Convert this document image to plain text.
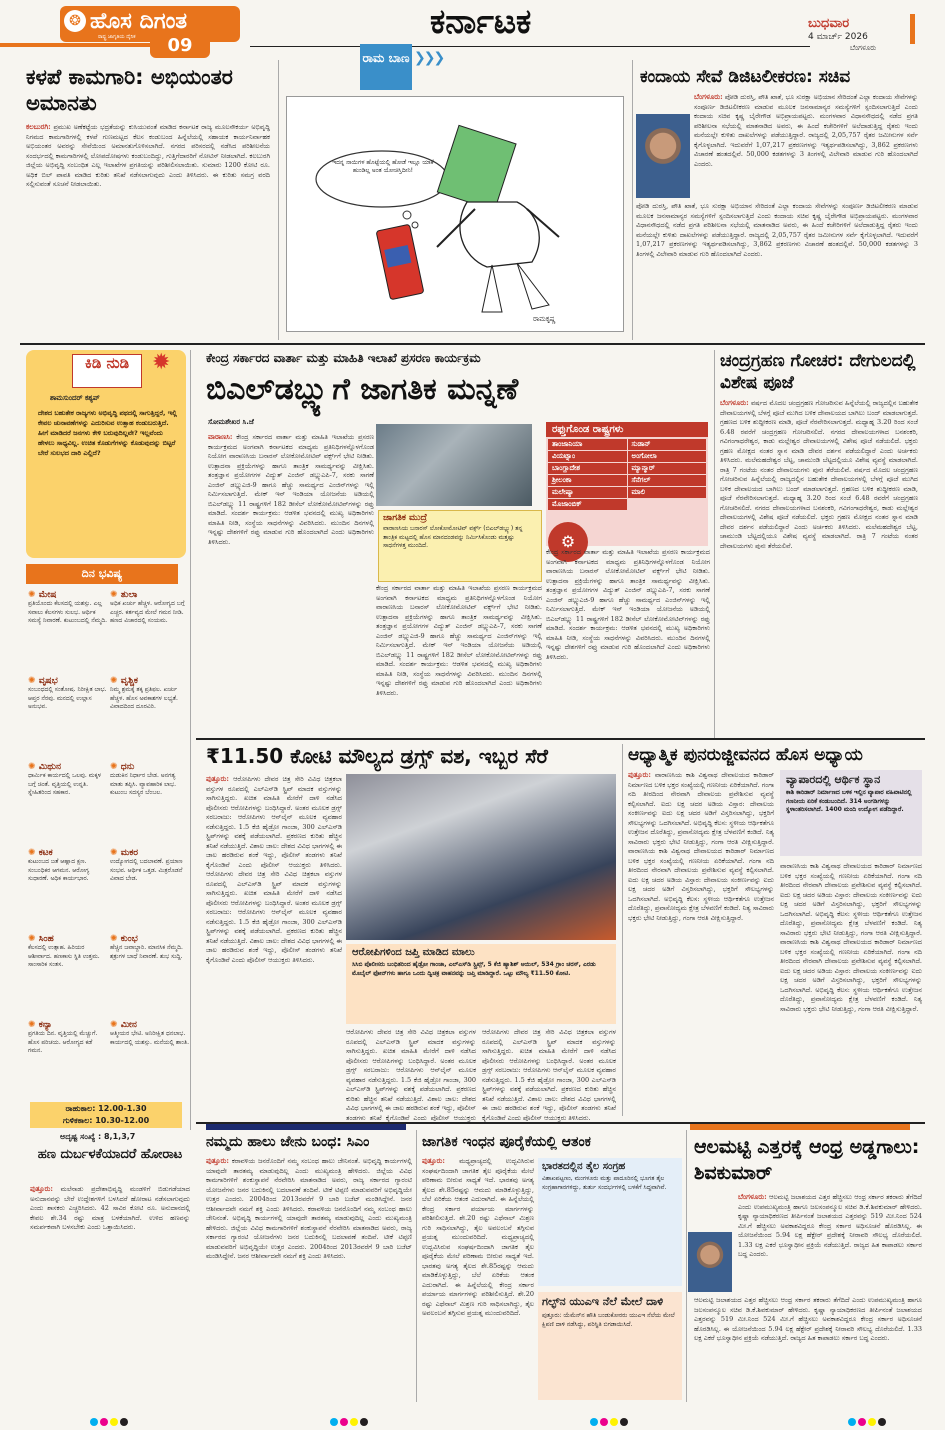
❂ ಹೊಸ ದಿಗಂತ
ರಾಷ್ಟ್ರ ಜಾಗೃತಿಯ ದೈನಿಕ	09
ಕರ್ನಾಟಕ	ಬುಧವಾರ
4 ಮಾರ್ಚ್ 2026
ಬೆಂಗಳೂರು
ಕಳಪೆ ಕಾಮಗಾರಿ: ಅಭಿಯಂತರ ಅಮಾನತು
ಕಲಬುರಗಿ: ಪ್ರಮುಖ ಅಣೆಕಟ್ಟೆಯ ಭದ್ರತೆಯನ್ನು ಕುಸಿಯುವಂತೆ ಮಾಡಿದ ಕರ್ನಾಟಕ ರಾಜ್ಯ ಮೂಲಸೌಕರ್ಯ ಅಭಿವೃದ್ಧಿ ನಿಗಮದ ಕಾಮಗಾರಿಗಳಲ್ಲಿ ಕಳಪೆ ಗುಣಮಟ್ಟದ ಕೆಲಸ ಕಂಡುಬಂದ ಹಿನ್ನೆಲೆಯಲ್ಲಿ ಸಹಾಯಕ ಕಾರ್ಯನಿರ್ವಾಹಕ ಅಭಿಯಂತರ ಅವರನ್ನು ಸೇವೆಯಿಂದ ಅಮಾನತುಗೊಳಿಸಲಾಗಿದೆ. ನಗರದ ಪರಿಸರದಲ್ಲಿ ನಡೆಸಿದ ಪರಿಶೀಲನೆಯ ಸಂದರ್ಭದಲ್ಲಿ ಕಾಮಗಾರಿಗಳಲ್ಲಿ ಲೋಪದೋಷಗಳು ಕಂಡುಬಂದಿದ್ದು, ಗುತ್ತಿಗೆದಾರರಿಗೆ ನೋಟಿಸ್ ನೀಡಲಾಗಿದೆ. ಕಲಬುರಗಿ ಜಿಲ್ಲೆಯ ಅಭಿವೃದ್ಧಿ ಸಂಬಂಧಿತ ಎಲ್ಲ ಇಲಾಖೆಗಳ ಪ್ರಗತಿಯನ್ನು ಪರಿಶೀಲಿಸಲಾಯಿತು. ಸುಮಾರು 1200 ಕೋಟಿ ರೂ. ಅಧಿಕ ಬಿಲ್ ಪಾವತಿ ಮಾಡಿದ ಕುರಿತು ತನಿಖೆ ನಡೆಸಲಾಗುವುದು ಎಂದು ತಿಳಿಸಿದರು. ಈ ಕುರಿತು ಸಮಗ್ರ ವರದಿ ಸಲ್ಲಿಸುವಂತೆ ಸೂಚನೆ ನೀಡಲಾಯಿತು.
ರಾಮ ಬಾಣ ❯❯❯
ಇದನ್ನ ನಾಯಿಗಳ ಹೊಟ್ಟೆಯಲ್ಲಿ ಹೋಡೆ ಇಲ್ಲೂ ಯಾಕೆ ಹುಂಡಿಲ್ಲ ಅಂತ ಯೋಚಿಸ್ತಿದೀನಿ!
ರಾಮಕೃಷ್ಣ
ಕಂದಾಯ ಸೇವೆ ಡಿಜಿಟಲೀಕರಣ: ಸಚಿವ
ಬೆಂಗಳೂರು: ಪೋಡಿ ದುರಸ್ತಿ, ಪೌತಿ ಖಾತೆ, ಭೂ ಸುರಕ್ಷಾ ಅಭಿಯಾನ ಸೇರಿದಂತೆ ಎಲ್ಲಾ ಕಂದಾಯ ಸೇವೆಗಳನ್ನು ಸಂಪೂರ್ಣ ಡಿಜಿಟಲೀಕರಣ ಮಾಡುವ ಮೂಲಕ ಜನಸಾಮಾನ್ಯರ ಸಮಸ್ಯೆಗಳಿಗೆ ಸ್ಪಂದಿಸಲಾಗುತ್ತಿದೆ ಎಂದು ಕಂದಾಯ ಸಚಿವ ಕೃಷ್ಣ ಬೈರೇಗೌಡ ಅಭಿಪ್ರಾಯಪಟ್ಟರು. ಮಂಗಳವಾರ ವಿಧಾನಸೌಧದಲ್ಲಿ ನಡೆದ ಪ್ರಗತಿ ಪರಿಶೀಲನಾ ಸಭೆಯಲ್ಲಿ ಮಾತನಾಡಿದ ಅವರು, ಈ ಹಿಂದೆ ಕಚೇರಿಗಳಿಗೆ ಅಲೆದಾಡುತ್ತಿದ್ದ ರೈತರು ಇಂದು ಮನೆಯಲ್ಲೇ ಕುಳಿತು ದಾಖಲೆಗಳನ್ನು ಪಡೆಯುತ್ತಿದ್ದಾರೆ. ರಾಜ್ಯದಲ್ಲಿ 2,05,757 ರೈತರ ಜಮೀನುಗಳ ಸರ್ವೆ ಕೈಗೊಳ್ಳಲಾಗಿದೆ. ಇದುವರೆಗೆ 1,07,217 ಪ್ರಕರಣಗಳನ್ನು ಇತ್ಯರ್ಥಪಡಿಸಲಾಗಿದ್ದು, 3,862 ಪ್ರಕರಣಗಳು ವಿಚಾರಣೆ ಹಂತದಲ್ಲಿವೆ. 50,000 ಕಡತಗಳನ್ನು 3 ತಿಂಗಳಲ್ಲಿ ವಿಲೇವಾರಿ ಮಾಡುವ ಗುರಿ ಹೊಂದಲಾಗಿದೆ ಎಂದರು.
ಪೋಡಿ ದುರಸ್ತಿ, ಪೌತಿ ಖಾತೆ, ಭೂ ಸುರಕ್ಷಾ ಅಭಿಯಾನ ಸೇರಿದಂತೆ ಎಲ್ಲಾ ಕಂದಾಯ ಸೇವೆಗಳನ್ನು ಸಂಪೂರ್ಣ ಡಿಜಿಟಲೀಕರಣ ಮಾಡುವ ಮೂಲಕ ಜನಸಾಮಾನ್ಯರ ಸಮಸ್ಯೆಗಳಿಗೆ ಸ್ಪಂದಿಸಲಾಗುತ್ತಿದೆ ಎಂದು ಕಂದಾಯ ಸಚಿವ ಕೃಷ್ಣ ಬೈರೇಗೌಡ ಅಭಿಪ್ರಾಯಪಟ್ಟರು. ಮಂಗಳವಾರ ವಿಧಾನಸೌಧದಲ್ಲಿ ನಡೆದ ಪ್ರಗತಿ ಪರಿಶೀಲನಾ ಸಭೆಯಲ್ಲಿ ಮಾತನಾಡಿದ ಅವರು, ಈ ಹಿಂದೆ ಕಚೇರಿಗಳಿಗೆ ಅಲೆದಾಡುತ್ತಿದ್ದ ರೈತರು ಇಂದು ಮನೆಯಲ್ಲೇ ಕುಳಿತು ದಾಖಲೆಗಳನ್ನು ಪಡೆಯುತ್ತಿದ್ದಾರೆ. ರಾಜ್ಯದಲ್ಲಿ 2,05,757 ರೈತರ ಜಮೀನುಗಳ ಸರ್ವೆ ಕೈಗೊಳ್ಳಲಾಗಿದೆ. ಇದುವರೆಗೆ 1,07,217 ಪ್ರಕರಣಗಳನ್ನು ಇತ್ಯರ್ಥಪಡಿಸಲಾಗಿದ್ದು, 3,862 ಪ್ರಕರಣಗಳು ವಿಚಾರಣೆ ಹಂತದಲ್ಲಿವೆ. 50,000 ಕಡತಗಳನ್ನು 3 ತಿಂಗಳಲ್ಲಿ ವಿಲೇವಾರಿ ಮಾಡುವ ಗುರಿ ಹೊಂದಲಾಗಿದೆ ಎಂದರು.
ಕಿಡಿ ನುಡಿ	✹
ಶಾಮಸುಂದರ್ ಕಶ್ಯಪ್
ದೇಶದ ಬಹುತೇಕ ರಾಜ್ಯಗಳು ಅಭಿವೃದ್ಧಿ ಪಥದಲ್ಲಿ ಸಾಗುತ್ತಿದ್ದರೆ, ಇಲ್ಲಿ ಕೇವಲ ಚುನಾವಣೆಗಳನ್ನು ಎದುರಿಸುವ ಉತ್ಸಾಹ ಕಂಡುಬರುತ್ತಿದೆ. ಹೀಗೆ ಮಾಡಿದರೆ ಜನಗಳು ಕೇಳಿ ಬರುವುದಿಲ್ಲವೇ? ಇಲ್ಲವೆಂದು ಹೇಳಲು ಸಾಧ್ಯವಿಲ್ಲ. ಉಚಿತ ಕೊಡುಗೆಗಳನ್ನು ಕೊಡುವುದನ್ನು ಬಿಟ್ಟರೆ ಬೇರೆ ಸುಲಭದ ದಾರಿ ಎಲ್ಲಿದೆ?
ದಿನ ಭವಿಷ್ಯ
✺ ಮೇಷ
ಪ್ರತಿಯೊಂದು ಕೆಲಸದಲ್ಲಿ ಯಶಸ್ಸು. ಎಲ್ಲ ಸವಾಲು ಕೆಲಸಗಳು ಸುಲಭ. ಆರ್ಥಿಕ ಸಮಸ್ಯೆ ನಿವಾರಣೆ. ಕುಟುಂಬದಲ್ಲಿ ನೆಮ್ಮದಿ.
✺ ತುಲಾ
ಅಧಿಕ ಖರ್ಚು ಹೆಚ್ಚಳ. ಆರೋಗ್ಯದ ಬಗ್ಗೆ ಎಚ್ಚರ. ಕರ್ತವ್ಯದ ಮೇಲೆ ಗಮನ ನೀಡಿ. ಹಣದ ವಿಚಾರದಲ್ಲಿ ಸಂಯಮ.
✺ ವೃಷಭ
ಸಂಬಂಧದಲ್ಲಿ ಸಂತೋಷ. ನಿರೀಕ್ಷಿತ ಲಾಭ. ಆಪ್ತರ ನೆರವು. ಮನದಲ್ಲಿ ಉಲ್ಲಾಸ ಅನುಭವ.
✺ ವೃಶ್ಚಿಕ
ನಿಮ್ಮ ಶ್ರಮಕ್ಕೆ ತಕ್ಕ ಪ್ರತಿಫಲ. ಖರ್ಚು ಹೆಚ್ಚಳ. ಹೊಸ ಅವಕಾಶಗಳ ಲಭ್ಯತೆ. ವಿವಾದದಿಂದ ದೂರವಿರಿ.
✺ ಮಿಥುನ
ಧಾರ್ಮಿಕ ಕಾರ್ಯದಲ್ಲಿ ಒಲವು. ಮಕ್ಕಳ ಬಗ್ಗೆ ಚಿಂತೆ. ವೃತ್ತಿಯಲ್ಲಿ ಉನ್ನತಿ. ಸ್ನೇಹಿತರಿಂದ ಸಹಕಾರ.
✺ ಧನು
ದುಡುಕಿನ ನಿರ್ಧಾರ ಬೇಡ. ಅನಗತ್ಯ ಮಾತು ತಪ್ಪಿಸಿ. ವ್ಯಾವಹಾರಿಕ ಲಾಭ. ಕುಟುಂಬ ಸದಸ್ಯರ ಬೆಂಬಲ.
✺ ಕಟಕ
ಕುಟುಂಬದ ಜತೆ ಆಹ್ಲಾದ ಕ್ಷಣ. ಸಂಬಂಧಿಕರ ಆಗಮನ. ಆರೋಗ್ಯ ಸುಧಾರಣೆ. ಅಧಿಕ ಕಾರ್ಯಭಾರ.
✺ ಮಕರ
ಉದ್ಯೋಗದಲ್ಲಿ ಬದಲಾವಣೆ. ಪ್ರಯಾಣ ಸಂಭವ. ಆರ್ಥಿಕ ಒತ್ತಡ. ಮಿತ್ರರೊಡನೆ ವಿವಾದ ಬೇಡ.
✺ ಸಿಂಹ
ಕೆಲಸದಲ್ಲಿ ಉತ್ಸಾಹ. ಹಿರಿಯರ ಆಶೀರ್ವಾದ. ಹಣಕಾಸು ಸ್ಥಿತಿ ಉತ್ತಮ. ಸಾಂಸಾರಿಕ ಸಂತಸ.
✺ ಕುಂಭ
ಹೆಚ್ಚಿನ ಜವಾಬ್ದಾರಿ. ಮಾನಸಿಕ ನೆಮ್ಮದಿ. ಶತ್ರುಗಳ ಬಾಧೆ ನಿವಾರಣೆ. ಶುಭ ಸುದ್ದಿ.
✺ ಕನ್ಯಾ
ಪ್ರಗತಿಯ ದಿನ. ವೃತ್ತಿಯಲ್ಲಿ ಮೆಚ್ಚುಗೆ. ಹೊಸ ಪರಿಚಯ. ಆರೋಗ್ಯದ ಕಡೆ ಗಮನ.
✺ ಮೀನ
ಆತ್ಮೀಯರ ಭೇಟಿ. ಅನಿರೀಕ್ಷಿತ ಧನಲಾಭ. ಕಾರ್ಯದಲ್ಲಿ ಯಶಸ್ಸು. ಮನೆಯಲ್ಲಿ ಶಾಂತಿ.
ರಾಹುಕಾಲ: 12.00-1.30
ಗುಳಿಕಕಾಲ: 10.30-12.00
ಅದೃಷ್ಟ ಸಂಖ್ಯೆ : 8,1,3,7
ಹಣ ದುರ್ಬಳಕೆಯಾದರೆ ಹೋರಾಟ
ಪುತ್ತೂರು: ಮಲೆನಾಡು ಪ್ರದೇಶಾಭಿವೃದ್ಧಿ ಮಂಡಳಿಗೆ ಬಿಡುಗಡೆಯಾದ ಅನುದಾನವನ್ನು ಬೇರೆ ಉದ್ದೇಶಗಳಿಗೆ ಬಳಸಿದರೆ ಹೋರಾಟ ನಡೆಸಲಾಗುವುದು ಎಂದು ಶಾಸಕರು ಎಚ್ಚರಿಸಿದರು. 42 ಸಾವಿರ ಕೋಟಿ ರೂ. ಅನುದಾನದಲ್ಲಿ ಕೇವಲ ಶೇ.34 ರಷ್ಟು ಮಾತ್ರ ಬಳಕೆಯಾಗಿದೆ. ಉಳಿದ ಹಣವನ್ನು ಸಮರ್ಪಕವಾಗಿ ಬಳಸಬೇಕು ಎಂದು ಒತ್ತಾಯಿಸಿದರು.
ಕೇಂದ್ರ ಸರ್ಕಾರದ ವಾರ್ತಾ ಮತ್ತು ಮಾಹಿತಿ ಇಲಾಖೆ ಪ್ರಸರಣ ಕಾರ್ಯಕ್ರಮ
ಬಿಎಲ್‌ಡಬ್ಲ್ಯುಗೆ ಜಾಗತಿಕ ಮನ್ನಣೆ
ಸೋಮಶೇಖರ ಸಿ.ಜೆ
ವಾರಾಣಸಿ: ಕೇಂದ್ರ ಸರ್ಕಾರದ ವಾರ್ತಾ ಮತ್ತು ಮಾಹಿತಿ ಇಲಾಖೆಯ ಪ್ರಸರಣ ಕಾರ್ಯಕ್ರಮದ ಅಂಗವಾಗಿ ಕರ್ನಾಟಕದ ಮಾಧ್ಯಮ ಪ್ರತಿನಿಧಿಗಳನ್ನೊಳಗೊಂಡ ನಿಯೋಗ ವಾರಾಣಸಿಯ ಬನಾರಸ್ ಲೋಕೋಮೋಟಿವ್ ವರ್ಕ್ಸ್‌ಗೆ ಭೇಟಿ ನೀಡಿತು. ಉತ್ಪಾದನಾ ಪ್ರಕ್ರಿಯೆಗಳನ್ನು ಹಾಗೂ ತಾಂತ್ರಿಕ ಸಾಮರ್ಥ್ಯವನ್ನು ವೀಕ್ಷಿಸಿತು. ತಂತ್ರಜ್ಞಾನ ಪ್ರಯೋಗಗಳ ವಿದ್ಯುತ್ ಎಂಜಿನ್ ಡಬ್ಲ್ಯುಎಪಿ-7, ಸರಕು ಸಾಗಣೆ ಎಂಜಿನ್ ಡಬ್ಲ್ಯುಎಜಿ-9 ಹಾಗೂ ಹೆಚ್ಚು ಸಾಮರ್ಥ್ಯದ ಎಂಜಿನ್‌ಗಳನ್ನು ಇಲ್ಲಿ ನಿರ್ಮಿಸಲಾಗುತ್ತಿದೆ. ಮೇಕ್ ಇನ್ ಇಂಡಿಯಾ ಯೋಜನೆಯ ಅಡಿಯಲ್ಲಿ ಬಿಎಲ್‌ಡಬ್ಲ್ಯು 11 ರಾಷ್ಟ್ರಗಳಿಗೆ 182 ಡೀಸೆಲ್ ಲೋಕೋಮೋಟಿವ್‌ಗಳನ್ನು ರಫ್ತು ಮಾಡಿದೆ. ಸಂದರ್ಶ ಕಾರ್ಯಕ್ರಮ: ಆಡಳಿತ ಭವನದಲ್ಲಿ ಮುಖ್ಯ ಅಧಿಕಾರಿಗಳು ಮಾಹಿತಿ ನೀಡಿ, ಸಂಸ್ಥೆಯ ಸಾಧನೆಗಳನ್ನು ವಿವರಿಸಿದರು. ಮುಂದಿನ ದಿನಗಳಲ್ಲಿ ಇನ್ನಷ್ಟು ದೇಶಗಳಿಗೆ ರಫ್ತು ಮಾಡುವ ಗುರಿ ಹೊಂದಲಾಗಿದೆ ಎಂದು ಅಧಿಕಾರಿಗಳು ತಿಳಿಸಿದರು.
ಜಾಗತಿಕ ಮುದ್ರೆ
ವಾರಾಣಸಿಯ ಬನಾರಸ್ ಲೋಕೋಮೋಟಿವ್ ವರ್ಕ್ಸ್ (ಬಿಎಲ್‌ಡಬ್ಲ್ಯು) ತನ್ನ ತಾಂತ್ರಿಕ ಮಟ್ಟದಲ್ಲಿ ಹೊಸ ಮಾನದಂಡವನ್ನು ನಿರ್ಮಿಸಿಕೊಂಡು ಮತ್ತಷ್ಟು ಸಾಧನೆಗಳತ್ತ ಮುಂದಿದೆ.
ರಫ್ತುಗೊಂಡ ರಾಷ್ಟ್ರಗಳು
ತಾಂಜಾನಿಯಾ	ಸುಡಾನ್
ವಿಯಟ್ನಾಂ	ಅಂಗೋಲಾ
ಬಾಂಗ್ಲಾದೇಶ	ಮ್ಯಾನ್ಮಾರ್
ಶ್ರೀಲಂಕಾ	ಸೆನೆಗಲ್
ಮಲೇಷ್ಯಾ	ಮಾಲಿ
ಮೊಜಾಂಬಿಕ್
⚙
ಕೇಂದ್ರ ಸರ್ಕಾರದ ವಾರ್ತಾ ಮತ್ತು ಮಾಹಿತಿ ಇಲಾಖೆಯ ಪ್ರಸರಣ ಕಾರ್ಯಕ್ರಮದ ಅಂಗವಾಗಿ ಕರ್ನಾಟಕದ ಮಾಧ್ಯಮ ಪ್ರತಿನಿಧಿಗಳನ್ನೊಳಗೊಂಡ ನಿಯೋಗ ವಾರಾಣಸಿಯ ಬನಾರಸ್ ಲೋಕೋಮೋಟಿವ್ ವರ್ಕ್ಸ್‌ಗೆ ಭೇಟಿ ನೀಡಿತು. ಉತ್ಪಾದನಾ ಪ್ರಕ್ರಿಯೆಗಳನ್ನು ಹಾಗೂ ತಾಂತ್ರಿಕ ಸಾಮರ್ಥ್ಯವನ್ನು ವೀಕ್ಷಿಸಿತು. ತಂತ್ರಜ್ಞಾನ ಪ್ರಯೋಗಗಳ ವಿದ್ಯುತ್ ಎಂಜಿನ್ ಡಬ್ಲ್ಯುಎಪಿ-7, ಸರಕು ಸಾಗಣೆ ಎಂಜಿನ್ ಡಬ್ಲ್ಯುಎಜಿ-9 ಹಾಗೂ ಹೆಚ್ಚು ಸಾಮರ್ಥ್ಯದ ಎಂಜಿನ್‌ಗಳನ್ನು ಇಲ್ಲಿ ನಿರ್ಮಿಸಲಾಗುತ್ತಿದೆ. ಮೇಕ್ ಇನ್ ಇಂಡಿಯಾ ಯೋಜನೆಯ ಅಡಿಯಲ್ಲಿ ಬಿಎಲ್‌ಡಬ್ಲ್ಯು 11 ರಾಷ್ಟ್ರಗಳಿಗೆ 182 ಡೀಸೆಲ್ ಲೋಕೋಮೋಟಿವ್‌ಗಳನ್ನು ರಫ್ತು ಮಾಡಿದೆ. ಸಂದರ್ಶ ಕಾರ್ಯಕ್ರಮ: ಆಡಳಿತ ಭವನದಲ್ಲಿ ಮುಖ್ಯ ಅಧಿಕಾರಿಗಳು ಮಾಹಿತಿ ನೀಡಿ, ಸಂಸ್ಥೆಯ ಸಾಧನೆಗಳನ್ನು ವಿವರಿಸಿದರು. ಮುಂದಿನ ದಿನಗಳಲ್ಲಿ ಇನ್ನಷ್ಟು ದೇಶಗಳಿಗೆ ರಫ್ತು ಮಾಡುವ ಗುರಿ ಹೊಂದಲಾಗಿದೆ ಎಂದು ಅಧಿಕಾರಿಗಳು ತಿಳಿಸಿದರು.
ಕೇಂದ್ರ ಸರ್ಕಾರದ ವಾರ್ತಾ ಮತ್ತು ಮಾಹಿತಿ ಇಲಾಖೆಯ ಪ್ರಸರಣ ಕಾರ್ಯಕ್ರಮದ ಅಂಗವಾಗಿ ಕರ್ನಾಟಕದ ಮಾಧ್ಯಮ ಪ್ರತಿನಿಧಿಗಳನ್ನೊಳಗೊಂಡ ನಿಯೋಗ ವಾರಾಣಸಿಯ ಬನಾರಸ್ ಲೋಕೋಮೋಟಿವ್ ವರ್ಕ್ಸ್‌ಗೆ ಭೇಟಿ ನೀಡಿತು. ಉತ್ಪಾದನಾ ಪ್ರಕ್ರಿಯೆಗಳನ್ನು ಹಾಗೂ ತಾಂತ್ರಿಕ ಸಾಮರ್ಥ್ಯವನ್ನು ವೀಕ್ಷಿಸಿತು. ತಂತ್ರಜ್ಞಾನ ಪ್ರಯೋಗಗಳ ವಿದ್ಯುತ್ ಎಂಜಿನ್ ಡಬ್ಲ್ಯುಎಪಿ-7, ಸರಕು ಸಾಗಣೆ ಎಂಜಿನ್ ಡಬ್ಲ್ಯುಎಜಿ-9 ಹಾಗೂ ಹೆಚ್ಚು ಸಾಮರ್ಥ್ಯದ ಎಂಜಿನ್‌ಗಳನ್ನು ಇಲ್ಲಿ ನಿರ್ಮಿಸಲಾಗುತ್ತಿದೆ. ಮೇಕ್ ಇನ್ ಇಂಡಿಯಾ ಯೋಜನೆಯ ಅಡಿಯಲ್ಲಿ ಬಿಎಲ್‌ಡಬ್ಲ್ಯು 11 ರಾಷ್ಟ್ರಗಳಿಗೆ 182 ಡೀಸೆಲ್ ಲೋಕೋಮೋಟಿವ್‌ಗಳನ್ನು ರಫ್ತು ಮಾಡಿದೆ. ಸಂದರ್ಶ ಕಾರ್ಯಕ್ರಮ: ಆಡಳಿತ ಭವನದಲ್ಲಿ ಮುಖ್ಯ ಅಧಿಕಾರಿಗಳು ಮಾಹಿತಿ ನೀಡಿ, ಸಂಸ್ಥೆಯ ಸಾಧನೆಗಳನ್ನು ವಿವರಿಸಿದರು. ಮುಂದಿನ ದಿನಗಳಲ್ಲಿ ಇನ್ನಷ್ಟು ದೇಶಗಳಿಗೆ ರಫ್ತು ಮಾಡುವ ಗುರಿ ಹೊಂದಲಾಗಿದೆ ಎಂದು ಅಧಿಕಾರಿಗಳು ತಿಳಿಸಿದರು.
ಚಂದ್ರಗ್ರಹಣ ಗೋಚರ: ದೇಗುಲದಲ್ಲಿ ವಿಶೇಷ ಪೂಜೆ
ಬೆಂಗಳೂರು: ವರ್ಷದ ಮೊದಲ ಚಂದ್ರಗ್ರಹಣ ಗೋಚರಿಸುವ ಹಿನ್ನೆಲೆಯಲ್ಲಿ ರಾಜ್ಯದಲ್ಲಿನ ಬಹುತೇಕ ದೇವಾಲಯಗಳಲ್ಲಿ ಬೆಳಗ್ಗೆ ಪೂಜೆ ಮುಗಿದ ಬಳಿಕ ದೇವಾಲಯದ ಬಾಗಿಲು ಬಂದ್ ಮಾಡಲಾಗುತ್ತದೆ. ಗ್ರಹಣದ ಬಳಿಕ ಶುದ್ಧೀಕರಣ ಮಾಡಿ, ಪೂಜೆ ನೆರವೇರಿಸಲಾಗುತ್ತದೆ. ಮಧ್ಯಾಹ್ನ 3.20 ರಿಂದ ಸಂಜೆ 6.48 ರವರೆಗೆ ಚಂದ್ರಗ್ರಹಣ ಗೋಚರಿಸಲಿದೆ. ನಗರದ ದೇವಾಲಯಗಳಾದ ಬನಶಂಕರಿ, ಗವಿಗಂಗಾಧರೇಶ್ವರ, ಕಾಡು ಮಲ್ಲೇಶ್ವರ ದೇವಾಲಯಗಳಲ್ಲಿ ವಿಶೇಷ ಪೂಜೆ ನಡೆಯಲಿದೆ. ಭಕ್ತರು ಗ್ರಹಣ ಮೋಕ್ಷದ ನಂತರ ಸ್ನಾನ ಮಾಡಿ ದೇವರ ದರ್ಶನ ಪಡೆಯಲಿದ್ದಾರೆ ಎಂದು ಅರ್ಚಕರು ತಿಳಿಸಿದರು. ಮಲೆಮಹದೇಶ್ವರ ಬೆಟ್ಟ, ಚಾಮುಂಡಿ ಬೆಟ್ಟದಲ್ಲಿಯೂ ವಿಶೇಷ ವ್ಯವಸ್ಥೆ ಮಾಡಲಾಗಿದೆ. ರಾತ್ರಿ 7 ಗಂಟೆಯ ನಂತರ ದೇವಾಲಯಗಳು ಪುನಃ ತೆರೆಯಲಿವೆ. ವರ್ಷದ ಮೊದಲ ಚಂದ್ರಗ್ರಹಣ ಗೋಚರಿಸುವ ಹಿನ್ನೆಲೆಯಲ್ಲಿ ರಾಜ್ಯದಲ್ಲಿನ ಬಹುತೇಕ ದೇವಾಲಯಗಳಲ್ಲಿ ಬೆಳಗ್ಗೆ ಪೂಜೆ ಮುಗಿದ ಬಳಿಕ ದೇವಾಲಯದ ಬಾಗಿಲು ಬಂದ್ ಮಾಡಲಾಗುತ್ತದೆ. ಗ್ರಹಣದ ಬಳಿಕ ಶುದ್ಧೀಕರಣ ಮಾಡಿ, ಪೂಜೆ ನೆರವೇರಿಸಲಾಗುತ್ತದೆ. ಮಧ್ಯಾಹ್ನ 3.20 ರಿಂದ ಸಂಜೆ 6.48 ರವರೆಗೆ ಚಂದ್ರಗ್ರಹಣ ಗೋಚರಿಸಲಿದೆ. ನಗರದ ದೇವಾಲಯಗಳಾದ ಬನಶಂಕರಿ, ಗವಿಗಂಗಾಧರೇಶ್ವರ, ಕಾಡು ಮಲ್ಲೇಶ್ವರ ದೇವಾಲಯಗಳಲ್ಲಿ ವಿಶೇಷ ಪೂಜೆ ನಡೆಯಲಿದೆ. ಭಕ್ತರು ಗ್ರಹಣ ಮೋಕ್ಷದ ನಂತರ ಸ್ನಾನ ಮಾಡಿ ದೇವರ ದರ್ಶನ ಪಡೆಯಲಿದ್ದಾರೆ ಎಂದು ಅರ್ಚಕರು ತಿಳಿಸಿದರು. ಮಲೆಮಹದೇಶ್ವರ ಬೆಟ್ಟ, ಚಾಮುಂಡಿ ಬೆಟ್ಟದಲ್ಲಿಯೂ ವಿಶೇಷ ವ್ಯವಸ್ಥೆ ಮಾಡಲಾಗಿದೆ. ರಾತ್ರಿ 7 ಗಂಟೆಯ ನಂತರ ದೇವಾಲಯಗಳು ಪುನಃ ತೆರೆಯಲಿವೆ.
₹11.50 ಕೋಟಿ ಮೌಲ್ಯದ ಡ್ರಗ್ಸ್ ವಶ, ಇಬ್ಬರ ಸೆರೆ
ಪುತ್ತೂರು: ಆರೋಪಿಗಳು ದೇವರ ಚಿತ್ರ ಸೇರಿ ವಿವಿಧ ಚಿತ್ರಕಲಾ ವಸ್ತುಗಳ ರೂಪದಲ್ಲಿ ಎಲ್‌ಎಸ್‌ಡಿ ಸ್ಟ್ರಿಪ್ ಮಾದಕ ವಸ್ತುಗಳನ್ನು ಸಾಗಿಸುತ್ತಿದ್ದರು. ಖಚಿತ ಮಾಹಿತಿ ಮೇರೆಗೆ ದಾಳಿ ನಡೆಸಿದ ಪೊಲೀಸರು ಆರೋಪಿಗಳನ್ನು ಬಂಧಿಸಿದ್ದಾರೆ. ಅಂತರ ಮೂಲಕ ಡ್ರಗ್ಸ್ ಸರಬರಾಜು: ಆರೋಪಿಗಳು ಆನ್‌ಲೈನ್ ಮೂಲಕ ವ್ಯವಹಾರ ನಡೆಸುತ್ತಿದ್ದರು. 1.5 ಕೆಜಿ ಹೈಡ್ರೋ ಗಾಂಜಾ, 300 ಎಲ್‌ಎಸ್‌ಡಿ ಸ್ಟ್ರಿಪ್‌ಗಳನ್ನು ವಶಕ್ಕೆ ಪಡೆಯಲಾಗಿದೆ. ಪ್ರಕರಣದ ಕುರಿತು ಹೆಚ್ಚಿನ ತನಿಖೆ ನಡೆಯುತ್ತಿದೆ. ವಿಶಾಲ ಜಾಲ: ದೇಶದ ವಿವಿಧ ಭಾಗಗಳಲ್ಲಿ ಈ ಜಾಲ ಹರಡಿರುವ ಶಂಕೆ ಇದ್ದು, ಪೊಲೀಸ್ ತಂಡಗಳು ತನಿಖೆ ಕೈಗೊಂಡಿವೆ ಎಂದು ಪೊಲೀಸ್ ಆಯುಕ್ತರು ತಿಳಿಸಿದರು. ಆರೋಪಿಗಳು ದೇವರ ಚಿತ್ರ ಸೇರಿ ವಿವಿಧ ಚಿತ್ರಕಲಾ ವಸ್ತುಗಳ ರೂಪದಲ್ಲಿ ಎಲ್‌ಎಸ್‌ಡಿ ಸ್ಟ್ರಿಪ್ ಮಾದಕ ವಸ್ತುಗಳನ್ನು ಸಾಗಿಸುತ್ತಿದ್ದರು. ಖಚಿತ ಮಾಹಿತಿ ಮೇರೆಗೆ ದಾಳಿ ನಡೆಸಿದ ಪೊಲೀಸರು ಆರೋಪಿಗಳನ್ನು ಬಂಧಿಸಿದ್ದಾರೆ. ಅಂತರ ಮೂಲಕ ಡ್ರಗ್ಸ್ ಸರಬರಾಜು: ಆರೋಪಿಗಳು ಆನ್‌ಲೈನ್ ಮೂಲಕ ವ್ಯವಹಾರ ನಡೆಸುತ್ತಿದ್ದರು. 1.5 ಕೆಜಿ ಹೈಡ್ರೋ ಗಾಂಜಾ, 300 ಎಲ್‌ಎಸ್‌ಡಿ ಸ್ಟ್ರಿಪ್‌ಗಳನ್ನು ವಶಕ್ಕೆ ಪಡೆಯಲಾಗಿದೆ. ಪ್ರಕರಣದ ಕುರಿತು ಹೆಚ್ಚಿನ ತನಿಖೆ ನಡೆಯುತ್ತಿದೆ. ವಿಶಾಲ ಜಾಲ: ದೇಶದ ವಿವಿಧ ಭಾಗಗಳಲ್ಲಿ ಈ ಜಾಲ ಹರಡಿರುವ ಶಂಕೆ ಇದ್ದು, ಪೊಲೀಸ್ ತಂಡಗಳು ತನಿಖೆ ಕೈಗೊಂಡಿವೆ ಎಂದು ಪೊಲೀಸ್ ಆಯುಕ್ತರು ತಿಳಿಸಿದರು.
ಆರೋಪಿಗಳಿಂದ ಜಪ್ತಿ ಮಾಡಿದ ಮಾಲು
ಸಿಸಿಬಿ ಪೊಲೀಸರು ಬಂಧಿತರಿಂದ ಹೈಡ್ರೋ ಗಾಂಜಾ, ಎಲ್‌ಎಸ್‌ಡಿ ಸ್ಟ್ರಿಪ್ಸ್, 5 ಕೆಜಿ ಹ್ಯಾಶಿಶ್ ಆಯಿಲ್, 534 ಗ್ರಾಂ ಚರಸ್, ಎರಡು ಮೊಬೈಲ್ ಫೋನ್‌ಗಳು ಹಾಗೂ ಒಂದು ದ್ವಿಚಕ್ರ ವಾಹನವನ್ನು ಜಪ್ತಿ ಮಾಡಿದ್ದಾರೆ. ಒಟ್ಟು ಮೌಲ್ಯ ₹11.50 ಕೋಟಿ.
ಆರೋಪಿಗಳು ದೇವರ ಚಿತ್ರ ಸೇರಿ ವಿವಿಧ ಚಿತ್ರಕಲಾ ವಸ್ತುಗಳ ರೂಪದಲ್ಲಿ ಎಲ್‌ಎಸ್‌ಡಿ ಸ್ಟ್ರಿಪ್ ಮಾದಕ ವಸ್ತುಗಳನ್ನು ಸಾಗಿಸುತ್ತಿದ್ದರು. ಖಚಿತ ಮಾಹಿತಿ ಮೇರೆಗೆ ದಾಳಿ ನಡೆಸಿದ ಪೊಲೀಸರು ಆರೋಪಿಗಳನ್ನು ಬಂಧಿಸಿದ್ದಾರೆ. ಅಂತರ ಮೂಲಕ ಡ್ರಗ್ಸ್ ಸರಬರಾಜು: ಆರೋಪಿಗಳು ಆನ್‌ಲೈನ್ ಮೂಲಕ ವ್ಯವಹಾರ ನಡೆಸುತ್ತಿದ್ದರು. 1.5 ಕೆಜಿ ಹೈಡ್ರೋ ಗಾಂಜಾ, 300 ಎಲ್‌ಎಸ್‌ಡಿ ಸ್ಟ್ರಿಪ್‌ಗಳನ್ನು ವಶಕ್ಕೆ ಪಡೆಯಲಾಗಿದೆ. ಪ್ರಕರಣದ ಕುರಿತು ಹೆಚ್ಚಿನ ತನಿಖೆ ನಡೆಯುತ್ತಿದೆ. ವಿಶಾಲ ಜಾಲ: ದೇಶದ ವಿವಿಧ ಭಾಗಗಳಲ್ಲಿ ಈ ಜಾಲ ಹರಡಿರುವ ಶಂಕೆ ಇದ್ದು, ಪೊಲೀಸ್ ತಂಡಗಳು ತನಿಖೆ ಕೈಗೊಂಡಿವೆ ಎಂದು ಪೊಲೀಸ್ ಆಯುಕ್ತರು
ಆರೋಪಿಗಳು ದೇವರ ಚಿತ್ರ ಸೇರಿ ವಿವಿಧ ಚಿತ್ರಕಲಾ ವಸ್ತುಗಳ ರೂಪದಲ್ಲಿ ಎಲ್‌ಎಸ್‌ಡಿ ಸ್ಟ್ರಿಪ್ ಮಾದಕ ವಸ್ತುಗಳನ್ನು ಸಾಗಿಸುತ್ತಿದ್ದರು. ಖಚಿತ ಮಾಹಿತಿ ಮೇರೆಗೆ ದಾಳಿ ನಡೆಸಿದ ಪೊಲೀಸರು ಆರೋಪಿಗಳನ್ನು ಬಂಧಿಸಿದ್ದಾರೆ. ಅಂತರ ಮೂಲಕ ಡ್ರಗ್ಸ್ ಸರಬರಾಜು: ಆರೋಪಿಗಳು ಆನ್‌ಲೈನ್ ಮೂಲಕ ವ್ಯವಹಾರ ನಡೆಸುತ್ತಿದ್ದರು. 1.5 ಕೆಜಿ ಹೈಡ್ರೋ ಗಾಂಜಾ, 300 ಎಲ್‌ಎಸ್‌ಡಿ ಸ್ಟ್ರಿಪ್‌ಗಳನ್ನು ವಶಕ್ಕೆ ಪಡೆಯಲಾಗಿದೆ. ಪ್ರಕರಣದ ಕುರಿತು ಹೆಚ್ಚಿನ ತನಿಖೆ ನಡೆಯುತ್ತಿದೆ. ವಿಶಾಲ ಜಾಲ: ದೇಶದ ವಿವಿಧ ಭಾಗಗಳಲ್ಲಿ ಈ ಜಾಲ ಹರಡಿರುವ ಶಂಕೆ ಇದ್ದು, ಪೊಲೀಸ್ ತಂಡಗಳು ತನಿಖೆ ಕೈಗೊಂಡಿವೆ ಎಂದು ಪೊಲೀಸ್ ಆಯುಕ್ತರು ತಿಳಿಸಿದರು.
ಆಧ್ಯಾತ್ಮಿಕ ಪುನರುಜ್ಜೀವನದ ಹೊಸ ಅಧ್ಯಾಯ
ಪುತ್ತೂರು: ವಾರಾಣಸಿಯ ಕಾಶಿ ವಿಶ್ವನಾಥ ದೇವಾಲಯದ ಕಾರಿಡಾರ್ ನಿರ್ಮಾಣದ ಬಳಿಕ ಭಕ್ತರ ಸಂಖ್ಯೆಯಲ್ಲಿ ಗಣನೀಯ ಏರಿಕೆಯಾಗಿದೆ. ಗಂಗಾ ನದಿ ತೀರದಿಂದ ನೇರವಾಗಿ ದೇವಾಲಯ ಪ್ರವೇಶಿಸುವ ವ್ಯವಸ್ಥೆ ಕಲ್ಪಿಸಲಾಗಿದೆ. ಐದು ಲಕ್ಷ ಚದರ ಅಡಿಯ ವಿಸ್ತಾರ: ದೇವಾಲಯ ಸಂಕೀರ್ಣವನ್ನು ಐದು ಲಕ್ಷ ಚದರ ಅಡಿಗೆ ವಿಸ್ತರಿಸಲಾಗಿದ್ದು, ಭಕ್ತರಿಗೆ ಸೌಲಭ್ಯಗಳನ್ನು ಒದಗಿಸಲಾಗಿದೆ. ಅಭಿವೃದ್ಧಿ ಕೆಲಸ: ಸ್ಥಳೀಯ ಆರ್ಥಿಕತೆಗೂ ಉತ್ತೇಜನ ದೊರೆತಿದ್ದು, ಪ್ರವಾಸೋದ್ಯಮ ಕ್ಷೇತ್ರ ಬೆಳವಣಿಗೆ ಕಂಡಿದೆ. ನಿತ್ಯ ಸಾವಿರಾರು ಭಕ್ತರು ಭೇಟಿ ನೀಡುತ್ತಿದ್ದು, ಗಂಗಾ ಆರತಿ ವೀಕ್ಷಿಸುತ್ತಿದ್ದಾರೆ. ವಾರಾಣಸಿಯ ಕಾಶಿ ವಿಶ್ವನಾಥ ದೇವಾಲಯದ ಕಾರಿಡಾರ್ ನಿರ್ಮಾಣದ ಬಳಿಕ ಭಕ್ತರ ಸಂಖ್ಯೆಯಲ್ಲಿ ಗಣನೀಯ ಏರಿಕೆಯಾಗಿದೆ. ಗಂಗಾ ನದಿ ತೀರದಿಂದ ನೇರವಾಗಿ ದೇವಾಲಯ ಪ್ರವೇಶಿಸುವ ವ್ಯವಸ್ಥೆ ಕಲ್ಪಿಸಲಾಗಿದೆ. ಐದು ಲಕ್ಷ ಚದರ ಅಡಿಯ ವಿಸ್ತಾರ: ದೇವಾಲಯ ಸಂಕೀರ್ಣವನ್ನು ಐದು ಲಕ್ಷ ಚದರ ಅಡಿಗೆ ವಿಸ್ತರಿಸಲಾಗಿದ್ದು, ಭಕ್ತರಿಗೆ ಸೌಲಭ್ಯಗಳನ್ನು ಒದಗಿಸಲಾಗಿದೆ. ಅಭಿವೃದ್ಧಿ ಕೆಲಸ: ಸ್ಥಳೀಯ ಆರ್ಥಿಕತೆಗೂ ಉತ್ತೇಜನ ದೊರೆತಿದ್ದು, ಪ್ರವಾಸೋದ್ಯಮ ಕ್ಷೇತ್ರ ಬೆಳವಣಿಗೆ ಕಂಡಿದೆ. ನಿತ್ಯ ಸಾವಿರಾರು ಭಕ್ತರು ಭೇಟಿ ನೀಡುತ್ತಿದ್ದು, ಗಂಗಾ ಆರತಿ ವೀಕ್ಷಿಸುತ್ತಿದ್ದಾರೆ.
ವ್ಯಾಪಾರದಲ್ಲಿ ಆರ್ಥಿಕ ಸ್ಥಾನ
ಕಾಶಿ ಕಾರಿಡಾರ್ ನಿರ್ಮಾಣದ ಬಳಿಕ ಇಲ್ಲಿನ ವ್ಯಾಪಾರ ವಹಿವಾಟಿನಲ್ಲಿ ಗಣನೀಯ ಏರಿಕೆ ಕಂಡುಬಂದಿದೆ. 314 ಅಂಗಡಿಗಳನ್ನು ಸ್ಥಳಾಂತರಿಸಲಾಗಿದೆ. 1400 ಮಂದಿ ಉದ್ಯೋಗ ಪಡೆದಿದ್ದಾರೆ.
ವಾರಾಣಸಿಯ ಕಾಶಿ ವಿಶ್ವನಾಥ ದೇವಾಲಯದ ಕಾರಿಡಾರ್ ನಿರ್ಮಾಣದ ಬಳಿಕ ಭಕ್ತರ ಸಂಖ್ಯೆಯಲ್ಲಿ ಗಣನೀಯ ಏರಿಕೆಯಾಗಿದೆ. ಗಂಗಾ ನದಿ ತೀರದಿಂದ ನೇರವಾಗಿ ದೇವಾಲಯ ಪ್ರವೇಶಿಸುವ ವ್ಯವಸ್ಥೆ ಕಲ್ಪಿಸಲಾಗಿದೆ. ಐದು ಲಕ್ಷ ಚದರ ಅಡಿಯ ವಿಸ್ತಾರ: ದೇವಾಲಯ ಸಂಕೀರ್ಣವನ್ನು ಐದು ಲಕ್ಷ ಚದರ ಅಡಿಗೆ ವಿಸ್ತರಿಸಲಾಗಿದ್ದು, ಭಕ್ತರಿಗೆ ಸೌಲಭ್ಯಗಳನ್ನು ಒದಗಿಸಲಾಗಿದೆ. ಅಭಿವೃದ್ಧಿ ಕೆಲಸ: ಸ್ಥಳೀಯ ಆರ್ಥಿಕತೆಗೂ ಉತ್ತೇಜನ ದೊರೆತಿದ್ದು, ಪ್ರವಾಸೋದ್ಯಮ ಕ್ಷೇತ್ರ ಬೆಳವಣಿಗೆ ಕಂಡಿದೆ. ನಿತ್ಯ ಸಾವಿರಾರು ಭಕ್ತರು ಭೇಟಿ ನೀಡುತ್ತಿದ್ದು, ಗಂಗಾ ಆರತಿ ವೀಕ್ಷಿಸುತ್ತಿದ್ದಾರೆ. ವಾರಾಣಸಿಯ ಕಾಶಿ ವಿಶ್ವನಾಥ ದೇವಾಲಯದ ಕಾರಿಡಾರ್ ನಿರ್ಮಾಣದ ಬಳಿಕ ಭಕ್ತರ ಸಂಖ್ಯೆಯಲ್ಲಿ ಗಣನೀಯ ಏರಿಕೆಯಾಗಿದೆ. ಗಂಗಾ ನದಿ ತೀರದಿಂದ ನೇರವಾಗಿ ದೇವಾಲಯ ಪ್ರವೇಶಿಸುವ ವ್ಯವಸ್ಥೆ ಕಲ್ಪಿಸಲಾಗಿದೆ. ಐದು ಲಕ್ಷ ಚದರ ಅಡಿಯ ವಿಸ್ತಾರ: ದೇವಾಲಯ ಸಂಕೀರ್ಣವನ್ನು ಐದು ಲಕ್ಷ ಚದರ ಅಡಿಗೆ ವಿಸ್ತರಿಸಲಾಗಿದ್ದು, ಭಕ್ತರಿಗೆ ಸೌಲಭ್ಯಗಳನ್ನು ಒದಗಿಸಲಾಗಿದೆ. ಅಭಿವೃದ್ಧಿ ಕೆಲಸ: ಸ್ಥಳೀಯ ಆರ್ಥಿಕತೆಗೂ ಉತ್ತೇಜನ ದೊರೆತಿದ್ದು, ಪ್ರವಾಸೋದ್ಯಮ ಕ್ಷೇತ್ರ ಬೆಳವಣಿಗೆ ಕಂಡಿದೆ. ನಿತ್ಯ ಸಾವಿರಾರು ಭಕ್ತರು ಭೇಟಿ ನೀಡುತ್ತಿದ್ದು, ಗಂಗಾ ಆರತಿ ವೀಕ್ಷಿಸುತ್ತಿದ್ದಾರೆ.
ನಮ್ಮದು ಹಾಲು ಜೇನು ಬಂಧ: ಸಿಎಂ
ಪುತ್ತೂರು: ಕರಾವಳಿಯ ಜನರೊಂದಿಗೆ ನಮ್ಮ ಸಂಬಂಧ ಹಾಲು ಜೇನಿನಂತೆ. ಅಭಿವೃದ್ಧಿ ಕಾರ್ಯಗಳಲ್ಲಿ ಯಾವುದೇ ತಾರತಮ್ಯ ಮಾಡುವುದಿಲ್ಲ ಎಂದು ಮುಖ್ಯಮಂತ್ರಿ ಹೇಳಿದರು. ಜಿಲ್ಲೆಯ ವಿವಿಧ ಕಾಮಗಾರಿಗಳಿಗೆ ಶಂಕುಸ್ಥಾಪನೆ ನೆರವೇರಿಸಿ ಮಾತನಾಡಿದ ಅವರು, ರಾಜ್ಯ ಸರ್ಕಾರದ ಗ್ಯಾರಂಟಿ ಯೋಜನೆಗಳು ಜನರ ಬದುಕಿನಲ್ಲಿ ಬದಲಾವಣೆ ತಂದಿವೆ. ಟೀಕೆ ಟಿಪ್ಪಣಿ ಮಾಡುವವರಿಗೆ ಅಭಿವೃದ್ಧಿಯೇ ಉತ್ತರ ಎಂದರು. 2004ರಿಂದ 2013ರವರೆಗೆ 9 ಬಾರಿ ಬಜೆಟ್ ಮಂಡಿಸಿದ್ದೇನೆ. ಜನರ ಆಶೀರ್ವಾದವೇ ನಮಗೆ ಶಕ್ತಿ ಎಂದು ತಿಳಿಸಿದರು. ಕರಾವಳಿಯ ಜನರೊಂದಿಗೆ ನಮ್ಮ ಸಂಬಂಧ ಹಾಲು ಜೇನಿನಂತೆ. ಅಭಿವೃದ್ಧಿ ಕಾರ್ಯಗಳಲ್ಲಿ ಯಾವುದೇ ತಾರತಮ್ಯ ಮಾಡುವುದಿಲ್ಲ ಎಂದು ಮುಖ್ಯಮಂತ್ರಿ ಹೇಳಿದರು. ಜಿಲ್ಲೆಯ ವಿವಿಧ ಕಾಮಗಾರಿಗಳಿಗೆ ಶಂಕುಸ್ಥಾಪನೆ ನೆರವೇರಿಸಿ ಮಾತನಾಡಿದ ಅವರು, ರಾಜ್ಯ ಸರ್ಕಾರದ ಗ್ಯಾರಂಟಿ ಯೋಜನೆಗಳು ಜನರ ಬದುಕಿನಲ್ಲಿ ಬದಲಾವಣೆ ತಂದಿವೆ. ಟೀಕೆ ಟಿಪ್ಪಣಿ ಮಾಡುವವರಿಗೆ ಅಭಿವೃದ್ಧಿಯೇ ಉತ್ತರ ಎಂದರು. 2004ರಿಂದ 2013ರವರೆಗೆ 9 ಬಾರಿ ಬಜೆಟ್ ಮಂಡಿಸಿದ್ದೇನೆ. ಜನರ ಆಶೀರ್ವಾದವೇ ನಮಗೆ ಶಕ್ತಿ ಎಂದು ತಿಳಿಸಿದರು.
ಜಾಗತಿಕ ಇಂಧನ ಪೂರೈಕೆಯಲ್ಲಿ ಆತಂಕ
ಪುತ್ತೂರು: ಮಧ್ಯಪ್ರಾಚ್ಯದಲ್ಲಿ ಉದ್ಭವಿಸಿರುವ ಸಂಘರ್ಷದಿಂದಾಗಿ ಜಾಗತಿಕ ತೈಲ ಪೂರೈಕೆಯ ಮೇಲೆ ಪರಿಣಾಮ ಬೀರುವ ಸಾಧ್ಯತೆ ಇದೆ. ಭಾರತವು ಅಗತ್ಯ ತೈಲದ ಶೇ.85ರಷ್ಟನ್ನು ಆಮದು ಮಾಡಿಕೊಳ್ಳುತ್ತಿದ್ದು, ಬೆಲೆ ಏರಿಕೆಯ ಆತಂಕ ಎದುರಾಗಿದೆ. ಈ ಹಿನ್ನೆಲೆಯಲ್ಲಿ ಕೇಂದ್ರ ಸರ್ಕಾರ ಪರ್ಯಾಯ ಮಾರ್ಗಗಳನ್ನು ಪರಿಶೀಲಿಸುತ್ತಿದೆ. ಶೇ.20 ರಷ್ಟು ಎಥೆನಾಲ್ ಮಿಶ್ರಣ ಗುರಿ ಸಾಧಿಸಲಾಗಿದ್ದು, ತೈಲ ಅವಲಂಬನೆ ತಗ್ಗಿಸುವ ಪ್ರಯತ್ನ ಮುಂದುವರಿದಿದೆ. ಮಧ್ಯಪ್ರಾಚ್ಯದಲ್ಲಿ ಉದ್ಭವಿಸಿರುವ ಸಂಘರ್ಷದಿಂದಾಗಿ ಜಾಗತಿಕ ತೈಲ ಪೂರೈಕೆಯ ಮೇಲೆ ಪರಿಣಾಮ ಬೀರುವ ಸಾಧ್ಯತೆ ಇದೆ. ಭಾರತವು ಅಗತ್ಯ ತೈಲದ ಶೇ.85ರಷ್ಟನ್ನು ಆಮದು ಮಾಡಿಕೊಳ್ಳುತ್ತಿದ್ದು, ಬೆಲೆ ಏರಿಕೆಯ ಆತಂಕ ಎದುರಾಗಿದೆ. ಈ ಹಿನ್ನೆಲೆಯಲ್ಲಿ ಕೇಂದ್ರ ಸರ್ಕಾರ ಪರ್ಯಾಯ ಮಾರ್ಗಗಳನ್ನು ಪರಿಶೀಲಿಸುತ್ತಿದೆ. ಶೇ.20 ರಷ್ಟು ಎಥೆನಾಲ್ ಮಿಶ್ರಣ ಗುರಿ ಸಾಧಿಸಲಾಗಿದ್ದು, ತೈಲ ಅವಲಂಬನೆ ತಗ್ಗಿಸುವ ಪ್ರಯತ್ನ ಮುಂದುವರಿದಿದೆ.
ಭಾರತದಲ್ಲಿನ ತೈಲ ಸಂಗ್ರಹ
ವಿಶಾಖಪಟ್ಟಣಂ, ಮಂಗಳೂರು ಮತ್ತು ಪಾದೂರಿನಲ್ಲಿ ಭೂಗತ ತೈಲ ಸಂಗ್ರಹಾಗಾರಗಳಿದ್ದು, ತುರ್ತು ಸಂದರ್ಭಗಳಲ್ಲಿ ಬಳಕೆಗೆ ಸಿದ್ಧವಾಗಿವೆ.
ಗಲ್ಫ್‌ನ ಯುಎಇ ನೆಲೆ ಮೇಲೆ ದಾಳಿ
ಪುತ್ತೂರು: ಯೆಮೆನ್‌ನ ಹೌತಿ ಬಂಡುಕೋರರು ಯುಎಇ ನೆಲೆಯ ಮೇಲೆ ಕ್ಷಿಪಣಿ ದಾಳಿ ನಡೆಸಿದ್ದು, ಪರಿಸ್ಥಿತಿ ಬಿಗಡಾಯಿಸಿದೆ.
ಆಲಮಟ್ಟಿ ಎತ್ತರಕ್ಕೆ ಆಂಧ್ರ ಅಡ್ಡಗಾಲು: ಶಿವಕುಮಾರ್
ಬೆಂಗಳೂರು: ಆಲಮಟ್ಟಿ ಜಲಾಶಯದ ಎತ್ತರ ಹೆಚ್ಚಿಸಲು ಆಂಧ್ರ ಸರ್ಕಾರ ತಕರಾರು ತೆಗೆದಿದೆ ಎಂದು ಉಪಮುಖ್ಯಮಂತ್ರಿ ಹಾಗೂ ಜಲಸಂಪನ್ಮೂಲ ಸಚಿವ ಡಿ.ಕೆ.ಶಿವಕುಮಾರ್ ಹೇಳಿದರು. ಕೃಷ್ಣಾ ನ್ಯಾಯಾಧಿಕರಣದ ತೀರ್ಪಿನಂತೆ ಜಲಾಶಯದ ಎತ್ತರವನ್ನು 519 ಮೀ.ನಿಂದ 524 ಮೀ.ಗೆ ಹೆಚ್ಚಿಸಲು ಅವಕಾಶವಿದ್ದರೂ ಕೇಂದ್ರ ಸರ್ಕಾರ ಅಧಿಸೂಚನೆ ಹೊರಡಿಸಿಲ್ಲ. ಈ ಯೋಜನೆಯಿಂದ 5.94 ಲಕ್ಷ ಹೆಕ್ಟೇರ್ ಪ್ರದೇಶಕ್ಕೆ ನೀರಾವರಿ ಸೌಲಭ್ಯ ದೊರೆಯಲಿದೆ. 1.33 ಲಕ್ಷ ಎಕರೆ ಭೂಸ್ವಾಧೀನ ಪ್ರಕ್ರಿಯೆ ನಡೆಯುತ್ತಿದೆ. ರಾಜ್ಯದ ಹಿತ ಕಾಪಾಡಲು ಸರ್ಕಾರ ಬದ್ಧ ಎಂದರು.
ಆಲಮಟ್ಟಿ ಜಲಾಶಯದ ಎತ್ತರ ಹೆಚ್ಚಿಸಲು ಆಂಧ್ರ ಸರ್ಕಾರ ತಕರಾರು ತೆಗೆದಿದೆ ಎಂದು ಉಪಮುಖ್ಯಮಂತ್ರಿ ಹಾಗೂ ಜಲಸಂಪನ್ಮೂಲ ಸಚಿವ ಡಿ.ಕೆ.ಶಿವಕುಮಾರ್ ಹೇಳಿದರು. ಕೃಷ್ಣಾ ನ್ಯಾಯಾಧಿಕರಣದ ತೀರ್ಪಿನಂತೆ ಜಲಾಶಯದ ಎತ್ತರವನ್ನು 519 ಮೀ.ನಿಂದ 524 ಮೀ.ಗೆ ಹೆಚ್ಚಿಸಲು ಅವಕಾಶವಿದ್ದರೂ ಕೇಂದ್ರ ಸರ್ಕಾರ ಅಧಿಸೂಚನೆ ಹೊರಡಿಸಿಲ್ಲ. ಈ ಯೋಜನೆಯಿಂದ 5.94 ಲಕ್ಷ ಹೆಕ್ಟೇರ್ ಪ್ರದೇಶಕ್ಕೆ ನೀರಾವರಿ ಸೌಲಭ್ಯ ದೊರೆಯಲಿದೆ. 1.33 ಲಕ್ಷ ಎಕರೆ ಭೂಸ್ವಾಧೀನ ಪ್ರಕ್ರಿಯೆ ನಡೆಯುತ್ತಿದೆ. ರಾಜ್ಯದ ಹಿತ ಕಾಪಾಡಲು ಸರ್ಕಾರ ಬದ್ಧ ಎಂದರು.
